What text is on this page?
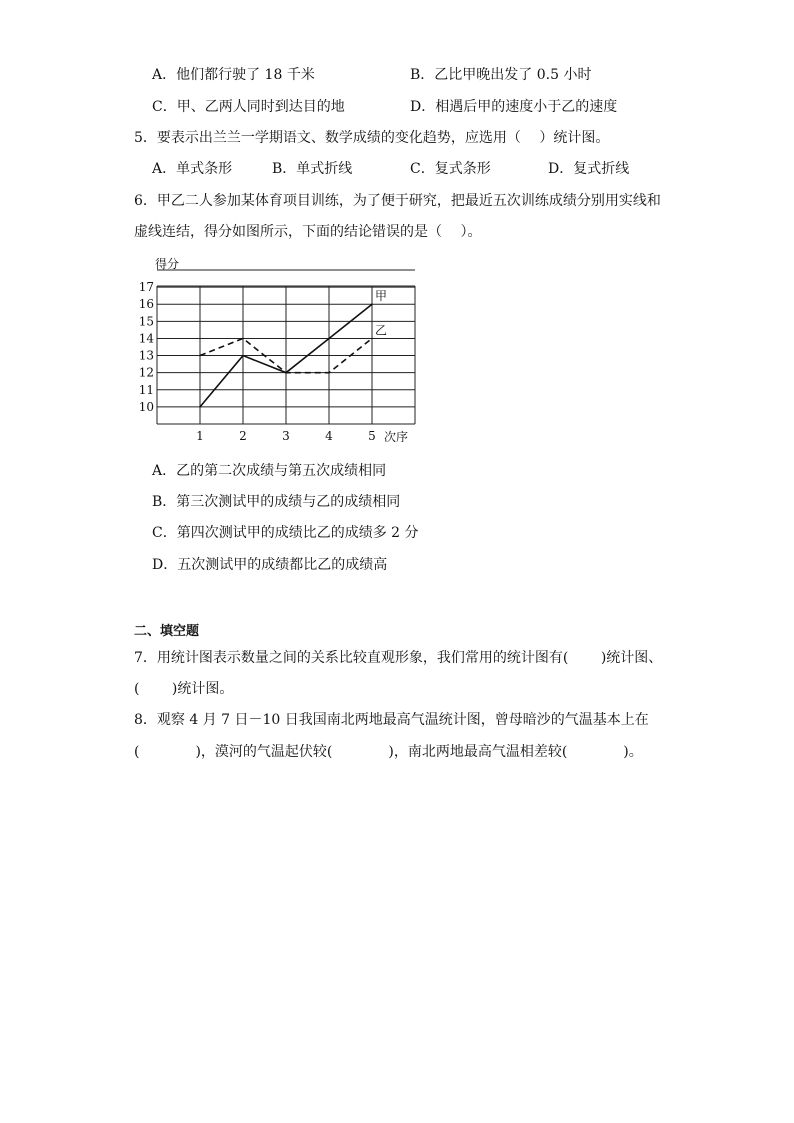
A．他们都行驶了 18 千米	B．乙比甲晚出发了 0.5 小时
C．甲、乙两人同时到达目的地	D．相遇后甲的速度小于乙的速度
5．要表示出兰兰一学期语文、数学成绩的变化趋势，应选用（　 ）统计图。
A．单式条形	B．单式折线	C．复式条形	D．复式折线
6．甲乙二人参加某体育项目训练，为了便于研究，把最近五次训练成绩分别用实线和
虚线连结，得分如图所示，下面的结论错误的是（　 ）。
10
11
12
13
14
15
16
17
1	2	3	4	5
得分
次序
甲
乙
A．乙的第二次成绩与第五次成绩相同
B．第三次测试甲的成绩与乙的成绩相同
C．第四次测试甲的成绩比乙的成绩多 2 分
D．五次测试甲的成绩都比乙的成绩高
二、填空题
7．用统计图表示数量之间的关系比较直观形象，我们常用的统计图有(　　 )统计图、
(　　 )统计图。
8．观察 4 月 7 日－10 日我国南北两地最高气温统计图，曾母暗沙的气温基本上在
(　　　　)，漠河的气温起伏较(　　　　)，南北两地最高气温相差较(　　　　)。
